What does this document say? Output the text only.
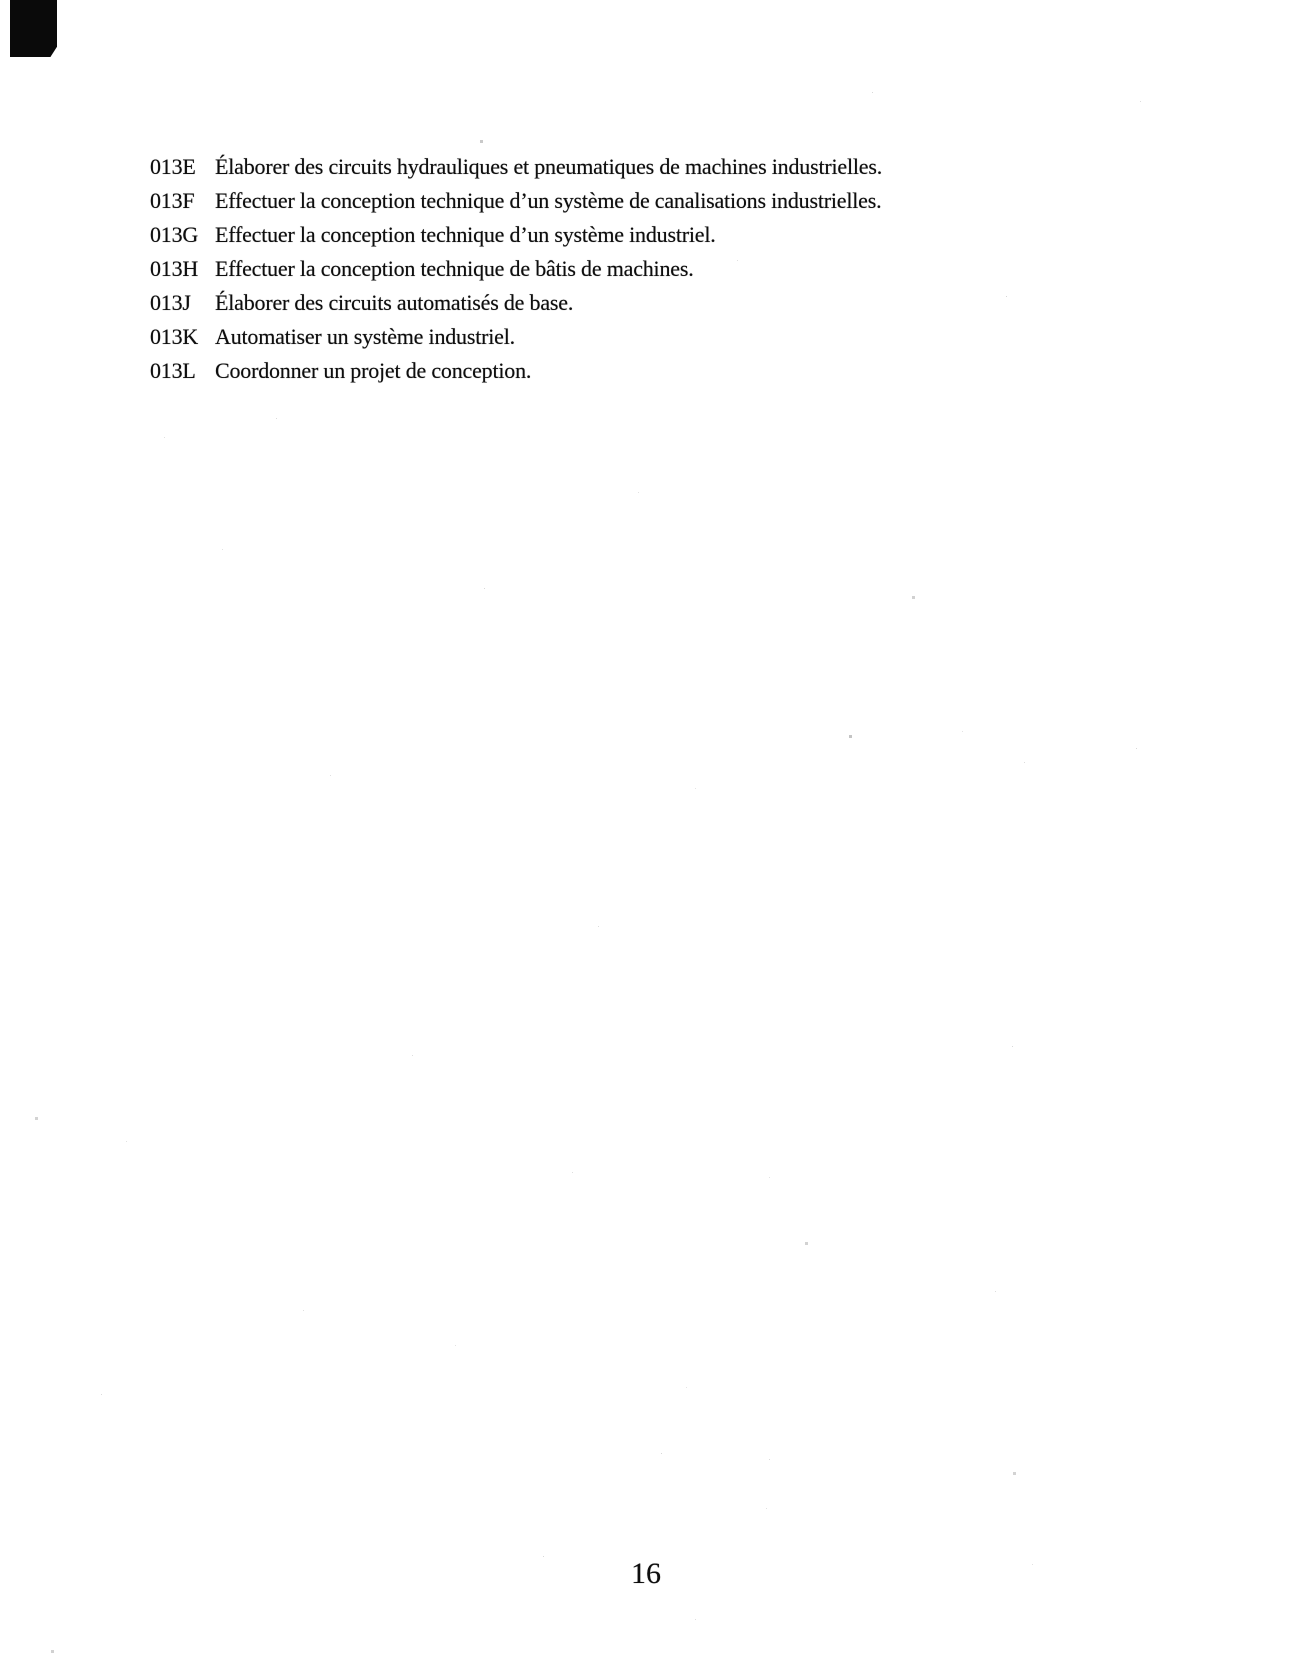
013E Élaborer des circuits hydrauliques et pneumatiques de machines industrielles.
013F Effectuer la conception technique d’un système de canalisations industrielles.
013G Effectuer la conception technique d’un système industriel.
013H Effectuer la conception technique de bâtis de machines.
013J	Élaborer des circuits automatisés de base.
013K Automatiser un système industriel.
013L Coordonner un projet de conception.
16
